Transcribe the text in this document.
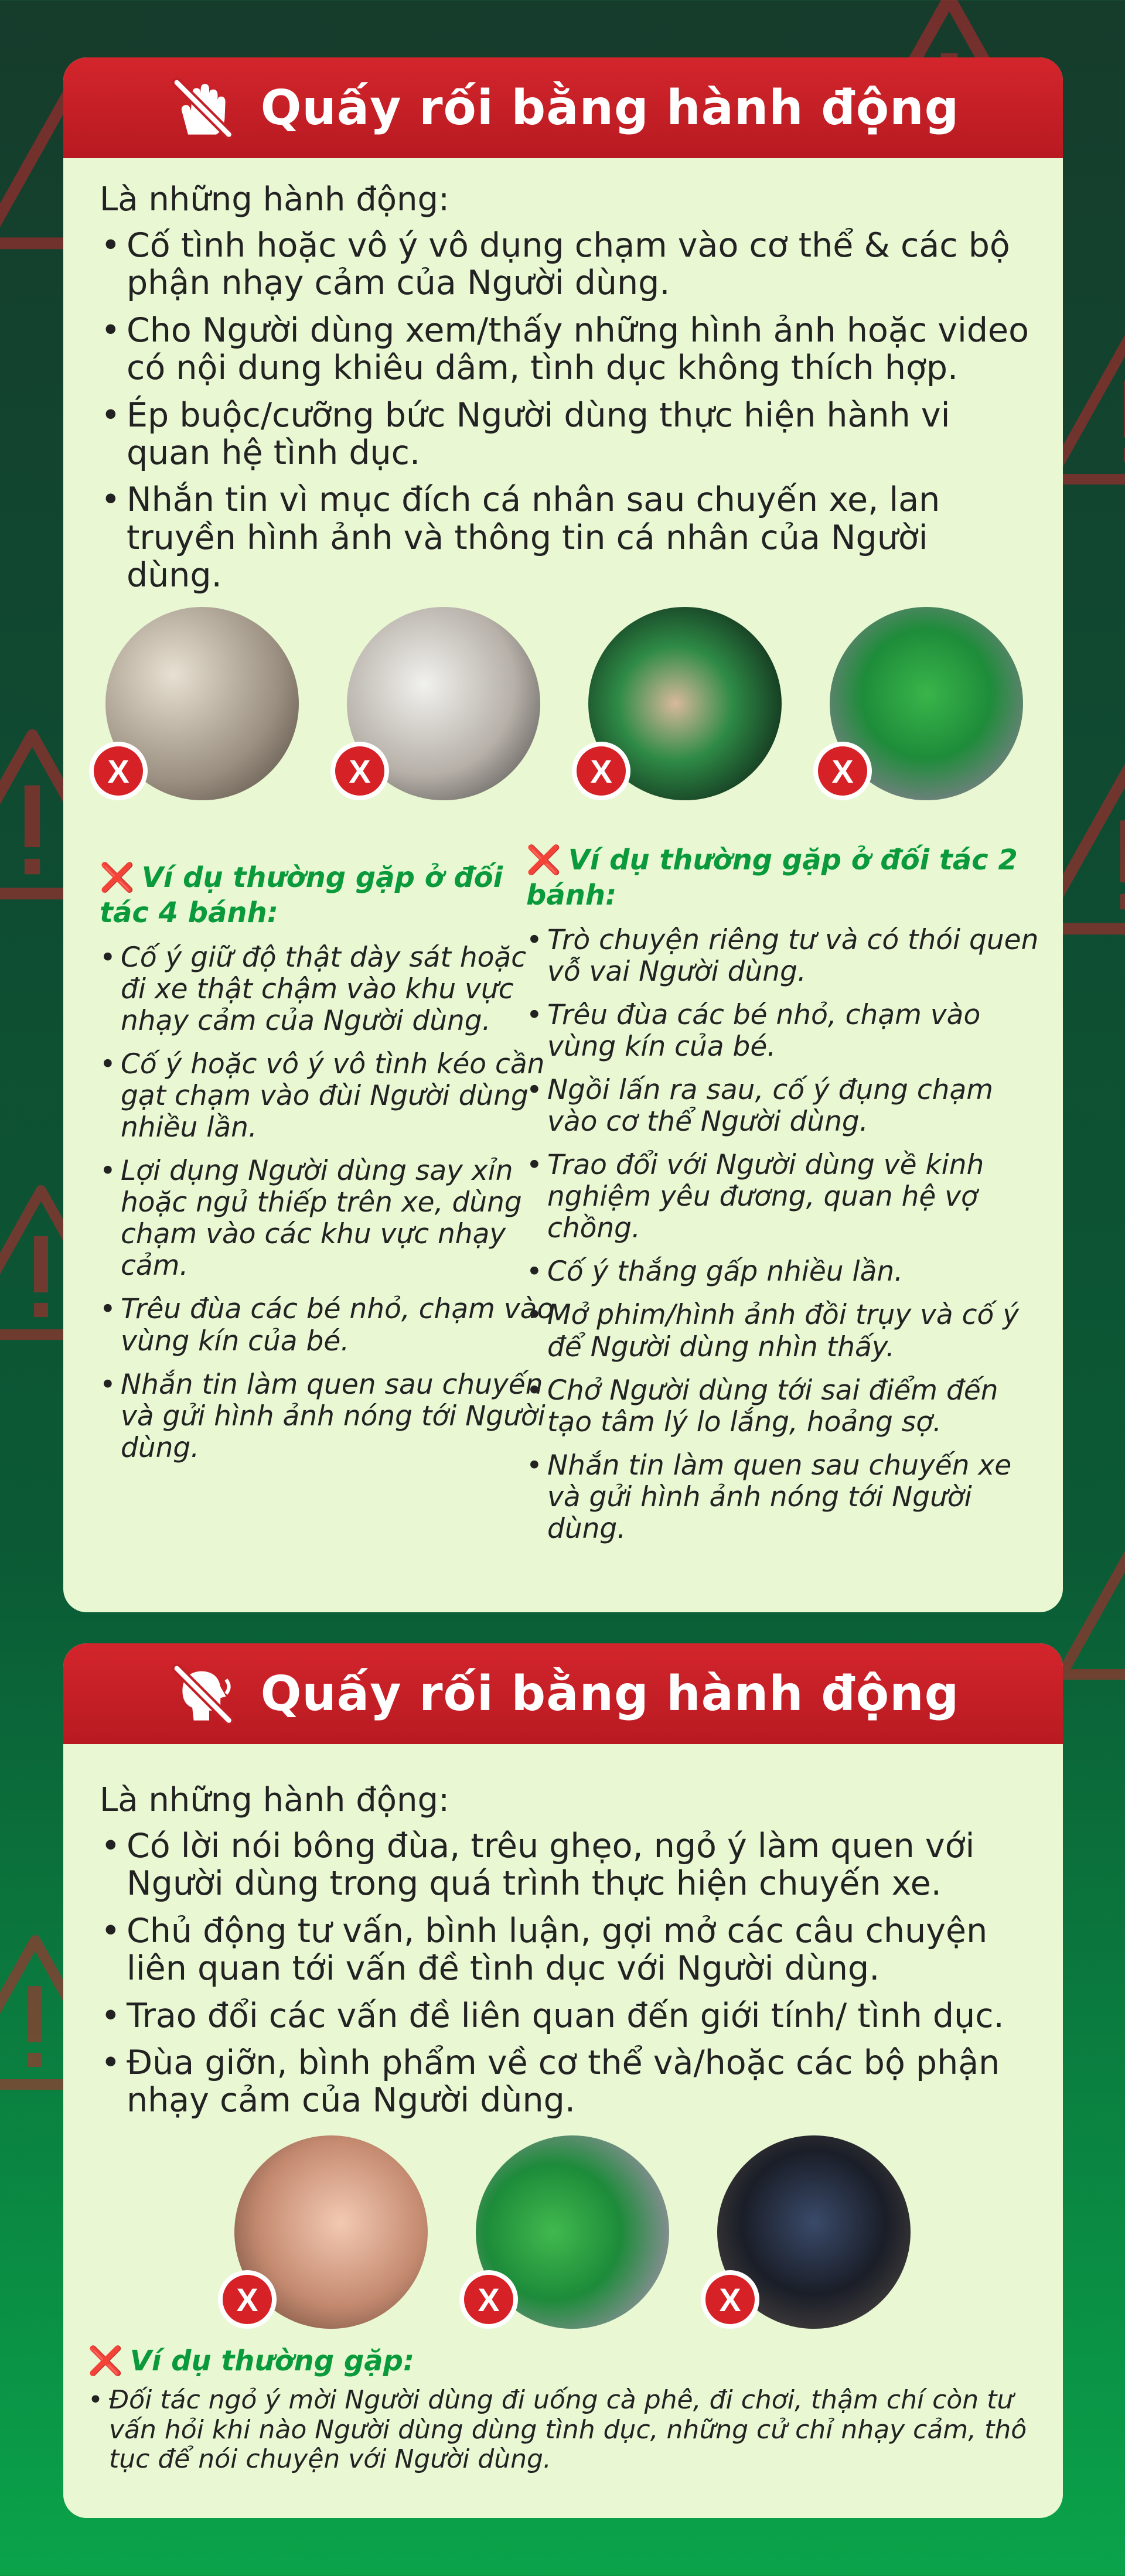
Quấy rối bằng hành động
Là những hành động:
• Cố tình hoặc vô ý vô dụng chạm vào cơ thể & các bộ phận nhạy cảm của Người dùng.
• Cho Người dùng xem/thấy những hình ảnh hoặc video có nội dung khiêu dâm, tình dục không thích hợp.
• Ép buộc/cưỡng bức Người dùng thực hiện hành vi quan hệ tình dục.
• Nhắn tin vì mục đích cá nhân sau chuyến xe, lan truyền hình ảnh và thông tin cá nhân của Người dùng.
X	X	X	X
❌ Ví dụ thường gặp ở đối tác 4 bánh:
• Cố ý giữ độ thật dày sát hoặc đi xe thật chậm vào khu vực nhạy cảm của Người dùng.
• Cố ý hoặc vô ý vô tình kéo cần gạt chạm vào đùi Người dùng nhiều lần.
• Lợi dụng Người dùng say xỉn hoặc ngủ thiếp trên xe, dùng chạm vào các khu vực nhạy cảm.
• Trêu đùa các bé nhỏ, chạm vào vùng kín của bé.
• Nhắn tin làm quen sau chuyến và gửi hình ảnh nóng tới Người dùng.
❌ Ví dụ thường gặp ở đối tác 2 bánh:
• Trò chuyện riêng tư và có thói quen vỗ vai Người dùng.
• Trêu đùa các bé nhỏ, chạm vào vùng kín của bé.
• Ngồi lấn ra sau, cố ý đụng chạm vào cơ thể Người dùng.
• Trao đổi với Người dùng về kinh nghiệm yêu đương, quan hệ vợ chồng.
• Cố ý thắng gấp nhiều lần.
• Mở phim/hình ảnh đồi trụy và cố ý để Người dùng nhìn thấy.
• Chở Người dùng tới sai điểm đến tạo tâm lý lo lắng, hoảng sợ.
• Nhắn tin làm quen sau chuyến xe và gửi hình ảnh nóng tới Người dùng.
Quấy rối bằng hành động
Là những hành động:
• Có lời nói bông đùa, trêu ghẹo, ngỏ ý làm quen với Người dùng trong quá trình thực hiện chuyến xe.
• Chủ động tư vấn, bình luận, gợi mở các câu chuyện liên quan tới vấn đề tình dục với Người dùng.
• Trao đổi các vấn đề liên quan đến giới tính/ tình dục.
• Đùa giỡn, bình phẩm về cơ thể và/hoặc các bộ phận nhạy cảm của Người dùng.
X	X	X
❌ Ví dụ thường gặp:
• Đối tác ngỏ ý mời Người dùng đi uống cà phê, đi chơi, thậm chí còn tư vấn hỏi khi nào Người dùng dùng tình dục, những cử chỉ nhạy cảm, thô tục để nói chuyện với Người dùng.
